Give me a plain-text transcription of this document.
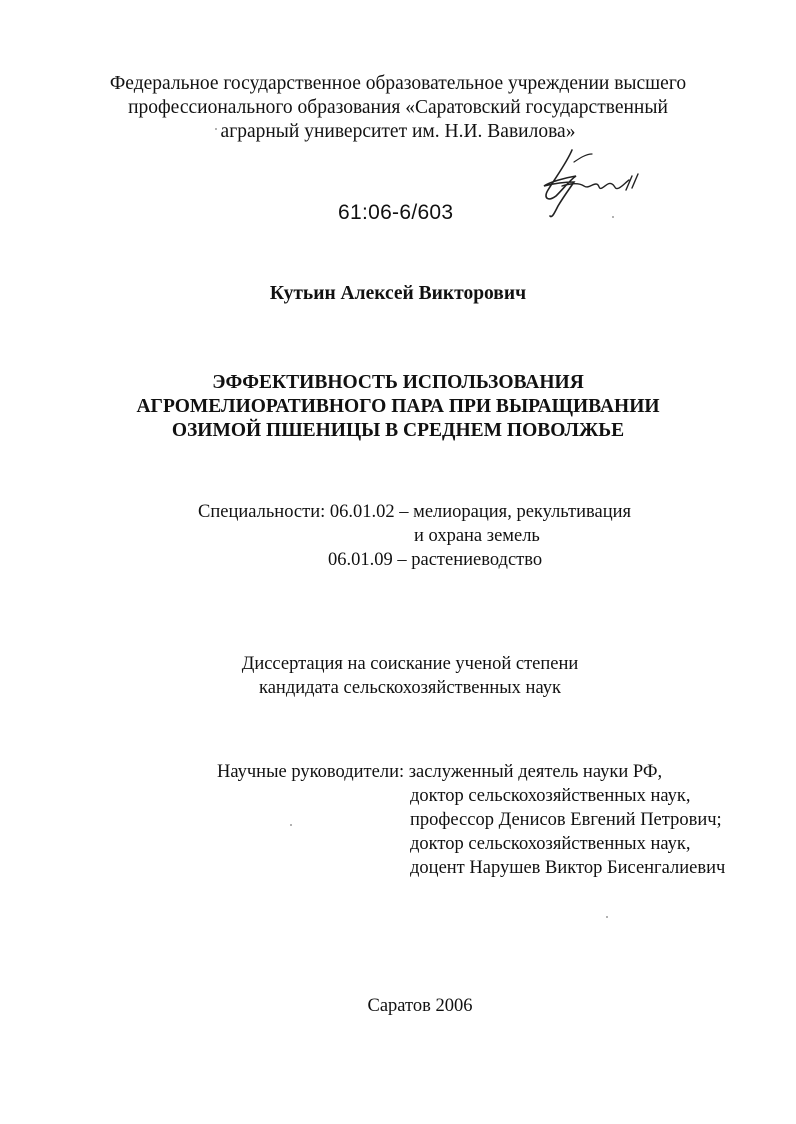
Федеральное государственное образовательное учреждении высшего
профессионального образования «Саратовский государственный
аграрный университет им. Н.И. Вавилова»
61:06-6/603
Кутьин Алексей Викторович
ЭФФЕКТИВНОСТЬ ИСПОЛЬЗОВАНИЯ
АГРОМЕЛИОРАТИВНОГО ПАРА ПРИ ВЫРАЩИВАНИИ
ОЗИМОЙ ПШЕНИЦЫ В СРЕДНЕМ ПОВОЛЖЬЕ
Специальности: 06.01.02 – мелиорация, рекультивация
и охрана земель
06.01.09 – растениеводство
Диссертация на соискание ученой степени
кандидата сельскохозяйственных наук
Научные руководители: заслуженный деятель науки РФ,
доктор сельскохозяйственных наук,
профессор Денисов Евгений Петрович;
доктор сельскохозяйственных наук,
доцент Нарушев Виктор Бисенгалиевич
Саратов 2006
